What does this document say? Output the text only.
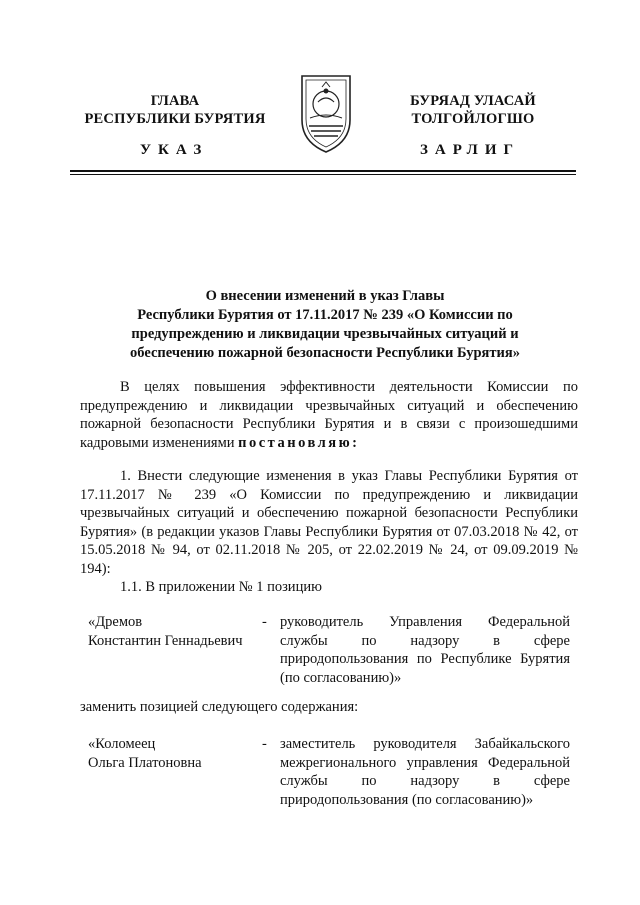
ГЛАВА
РЕСПУБЛИКИ БУРЯТИЯ
БУРЯАД УЛАСАЙ
ТОЛГОЙЛОГШО
УКАЗ	ЗАРЛИГ
О внесении изменений в указ Главы
Республики Бурятия от 17.11.2017 № 239 «О Комиссии по
предупреждению и ликвидации чрезвычайных ситуаций и
обеспечению пожарной безопасности Республики Бурятия»
В целях повышения эффективности деятельности Комиссии по предупреждению и ликвидации чрезвычайных ситуаций и обеспечению пожарной безопасности Республики Бурятия и в связи с произошедшими кадровыми изменениями постановляю:
1. Внести следующие изменения в указ Главы Республики Бурятия от 17.11.2017 № 239 «О Комиссии по предупреждению и ликвидации чрезвычайных ситуаций и обеспечению пожарной безопасности Республики Бурятия» (в редакции указов Главы Республики Бурятия от 07.03.2018 № 42, от 15.05.2018 № 94, от 02.11.2018 № 205, от 22.02.2019 № 24, от 09.09.2019 № 194):
1.1. В приложении № 1 позицию
«Дремов
Константин Геннадьевич
- руководитель Управления Федеральной службы по надзору в сфере природопользования по Республике Бурятия (по согласованию)»
заменить позицией следующего содержания:
«Коломеец
Ольга Платоновна
- заместитель руководителя Забайкальского межрегионального управления Федеральной службы по надзору в сфере природопользования (по согласованию)»
